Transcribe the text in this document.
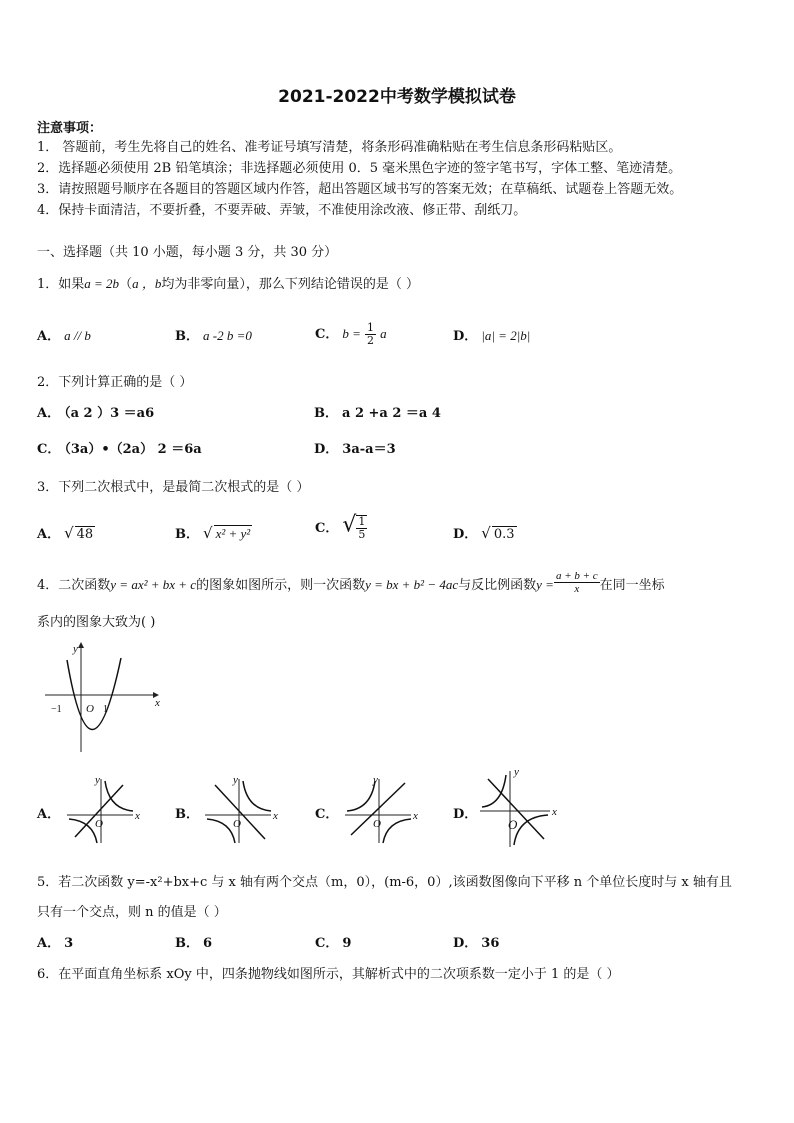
2021-2022中考数学模拟试卷
注意事项：
1． 答题前，考生先将自己的姓名、准考证号填写清楚，将条形码准确粘贴在考生信息条形码粘贴区。
2．选择题必须使用 2B 铅笔填涂；非选择题必须使用 0．5 毫米黑色字迹的签字笔书写，字体工整、笔迹清楚。
3．请按照题号顺序在各题目的答题区域内作答，超出答题区域书写的答案无效；在草稿纸、试题卷上答题无效。
4．保持卡面清洁，不要折叠，不要弄破、弄皱，不准使用涂改液、修正带、刮纸刀。
一、选择题（共 10 小题，每小题 3 分，共 30 分）
1．如果a = 2b（a ，b均为非零向量），那么下列结论错误的是（ ）
A． a // b	B． a -2 b =0	C． $b = \frac{1}{2}$ a	D． |a| = 2|b|
2．下列计算正确的是（ ）
A． （a 2 ）3 ＝a6	B． a 2 +a 2 ＝a 4
C． （3a）•（2a） 2 ＝6a	D． 3a-a＝3
3．下列二次根式中，是最简二次根式的是（ ）
A． √ 48	B． √ x² + y²	C． √ $\frac{1}{5}$	D． √ 0.3
4．二次函数y = ax² + bx + c的图象如图所示，则一次函数y = bx + b² − 4ac与反比例函数$y = \frac{a + b + c}{x}$ 在同一坐标
系内的图象大致为( )
y
x
−1 O 1
A．	x
y
O
B．	x
y
O
C．	x
y
O
D．	x
y
O
5．若二次函数 y=-x²+bx+c 与 x 轴有两个交点（m，0），(m-6，0）,该函数图像向下平移 n 个单位长度时与 x 轴有且
只有一个交点，则 n 的值是（ ）
A． 3	B． 6	C． 9	D． 36
6．在平面直角坐标系 xOy 中，四条抛物线如图所示，其解析式中的二次项系数一定小于 1 的是（ ）
